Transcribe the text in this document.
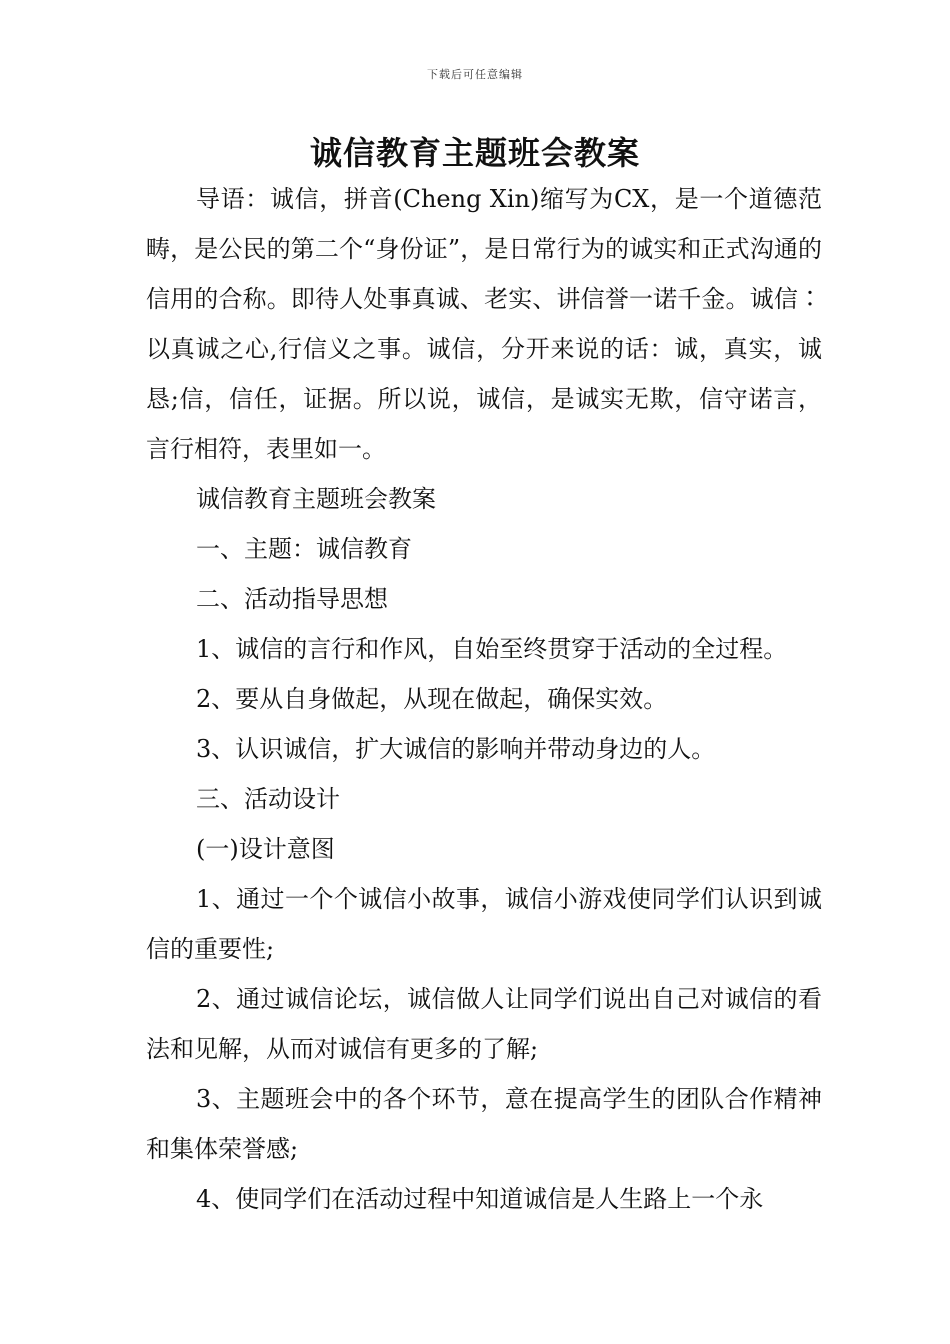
下载后可任意编辑
诚信教育主题班会教案

导语：诚信，拼音(Cheng Xin)缩写为CX，是一个道德范畴，是公民的第二个“身份证”，是日常行为的诚实和正式沟通的信用的合称。即待人处事真诚、老实、讲信誉一诺千金。诚信∶以真诚之心,行信义之事。诚信，分开来说的话：诚，真实，诚恳;信，信任，证据。所以说，诚信，是诚实无欺，信守诺言，言行相符，表里如一。

诚信教育主题班会教案

一、主题：诚信教育

二、活动指导思想

1、诚信的言行和作风，自始至终贯穿于活动的全过程。

2、要从自身做起，从现在做起，确保实效。

3、认识诚信，扩大诚信的影响并带动身边的人。

三、活动设计

(一)设计意图

1、通过一个个诚信小故事，诚信小游戏使同学们认识到诚信的重要性;

2、通过诚信论坛，诚信做人让同学们说出自己对诚信的看法和见解，从而对诚信有更多的了解;

3、主题班会中的各个环节，意在提高学生的团队合作精神和集体荣誉感;

4、使同学们在活动过程中知道诚信是人生路上一个永
